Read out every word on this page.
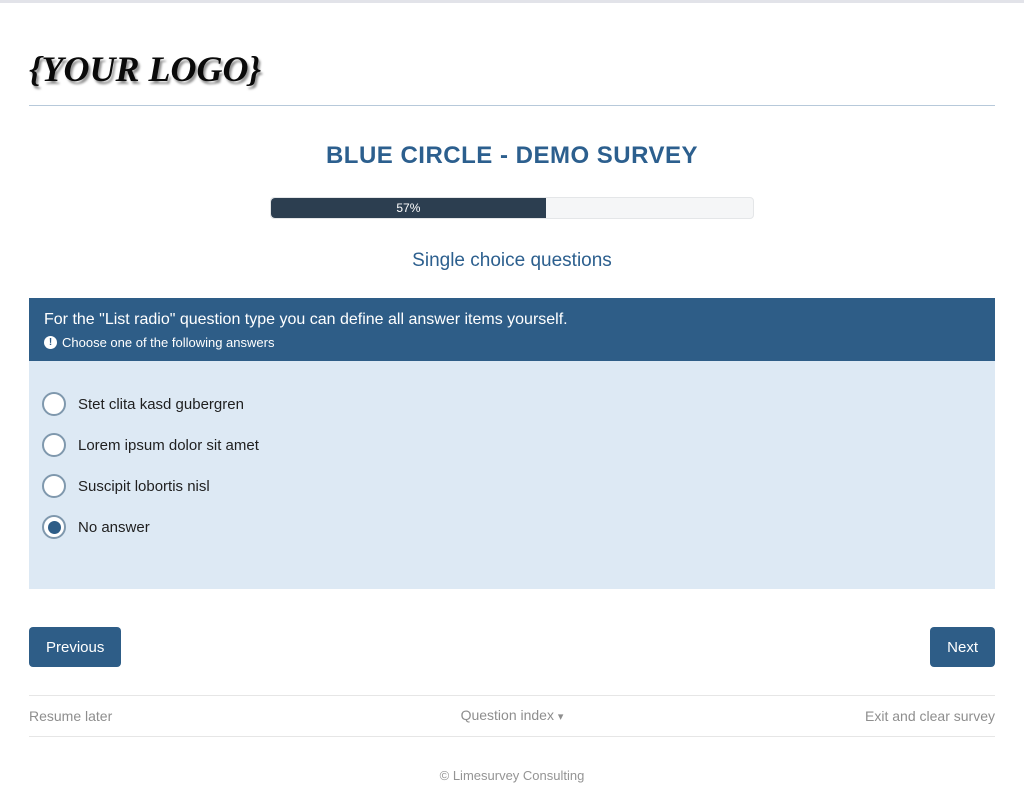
{YOUR LOGO}
BLUE CIRCLE - DEMO SURVEY
57%
Single choice questions
For the "List radio" question type you can define all answer items yourself.
! Choose one of the following answers
Stet clita kasd gubergren
Lorem ipsum dolor sit amet
Suscipit lobortis nisl
No answer
Previous	Next
Resume later	Question index ▾	Exit and clear survey
© Limesurvey Consulting
